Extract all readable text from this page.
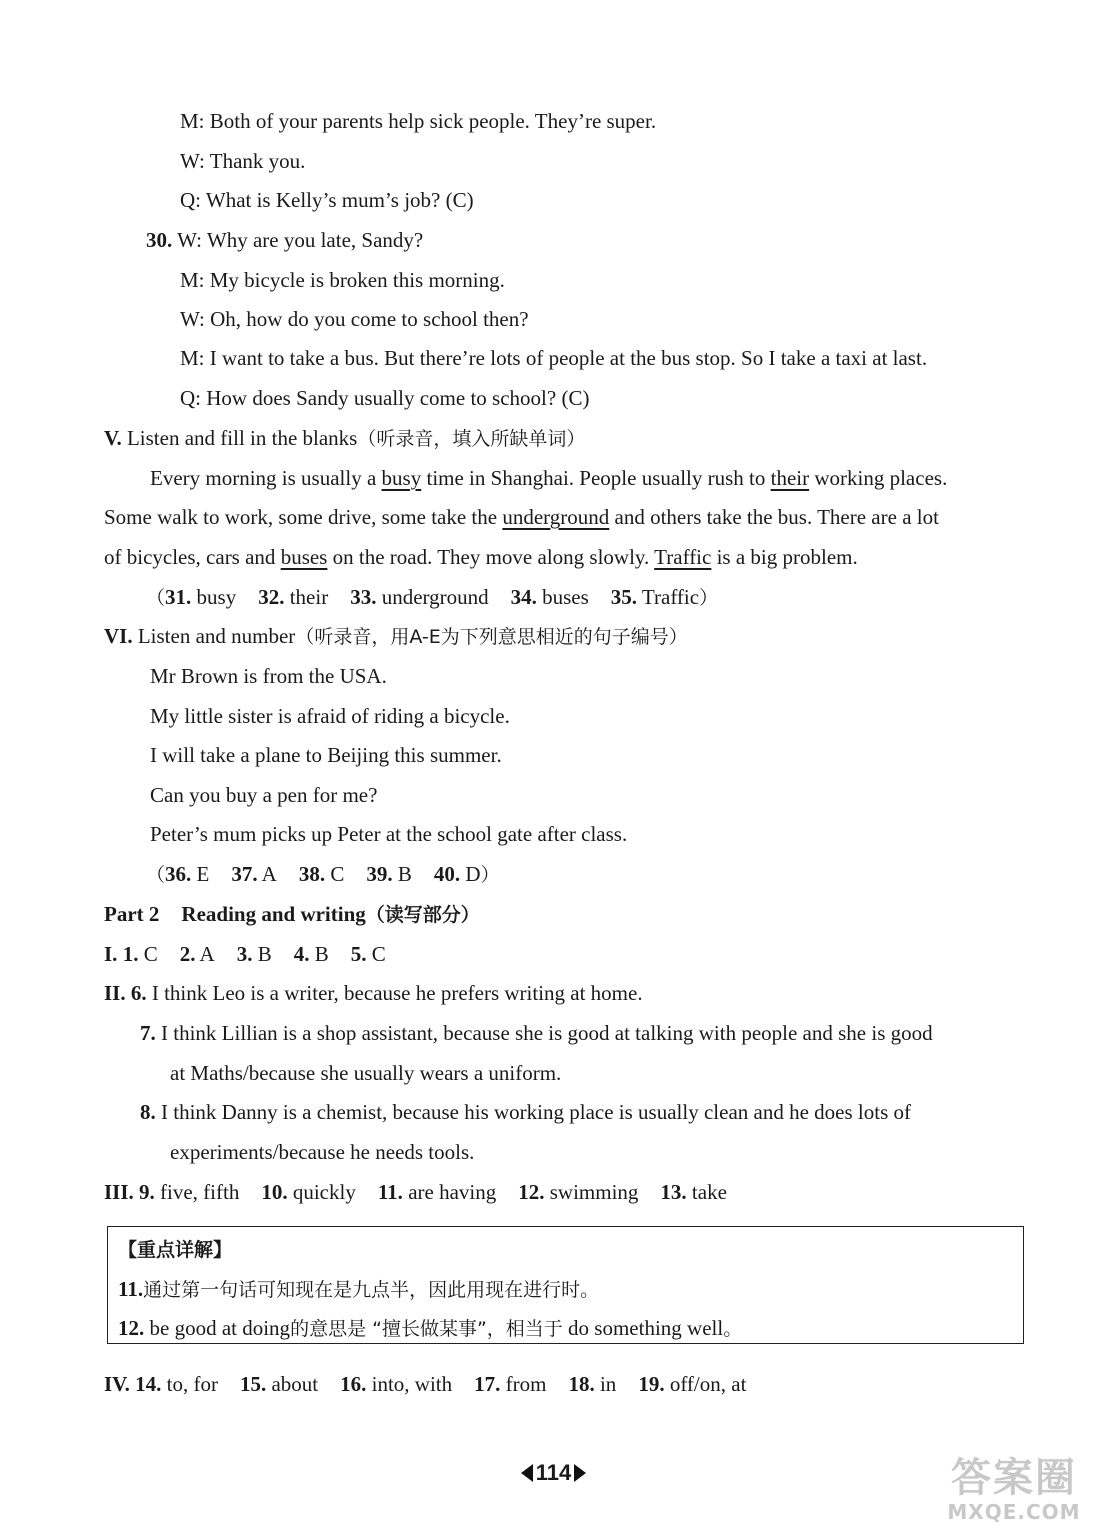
M: Both of your parents help sick people. They’re super.
W: Thank you.
Q: What is Kelly’s mum’s job? (C)
30. W: Why are you late, Sandy?
M: My bicycle is broken this morning.
W: Oh, how do you come to school then?
M: I want to take a bus. But there’re lots of people at the bus stop. So I take a taxi at last.
Q: How does Sandy usually come to school? (C)
V. Listen and fill in the blanks（听录音，填入所缺单词）
Every morning is usually a busy time in Shanghai. People usually rush to their working places.
Some walk to work, some drive, some take the underground and others take the bus. There are a lot
of bicycles, cars and buses on the road. They move along slowly. Traffic is a big problem.
（31. busy 32. their 33. underground 34. buses 35. Traffic）
VI. Listen and number（听录音，用A-E为下列意思相近的句子编号）
Mr Brown is from the USA.
My little sister is afraid of riding a bicycle.
I will take a plane to Beijing this summer.
Can you buy a pen for me?
Peter’s mum picks up Peter at the school gate after class.
（36. E 37. A 38. C 39. B 40. D）
Part 2 Reading and writing（读写部分）
I. 1. C 2. A 3. B 4. B 5. C
II. 6. I think Leo is a writer, because he prefers writing at home.
7. I think Lillian is a shop assistant, because she is good at talking with people and she is good
at Maths/because she usually wears a uniform.
8. I think Danny is a chemist, because his working place is usually clean and he does lots of
experiments/because he needs tools.
III. 9. five, fifth 10. quickly 11. are having 12. swimming 13. take
【重点详解】
11.通过第一句话可知现在是九点半，因此用现在进行时。
12. be good at doing的意思是 “擅长做某事”，相当于 do something well。
IV. 14. to, for 15. about 16. into, with 17. from 18. in 19. off/on, at
114	答案圈
MXQE.COM
